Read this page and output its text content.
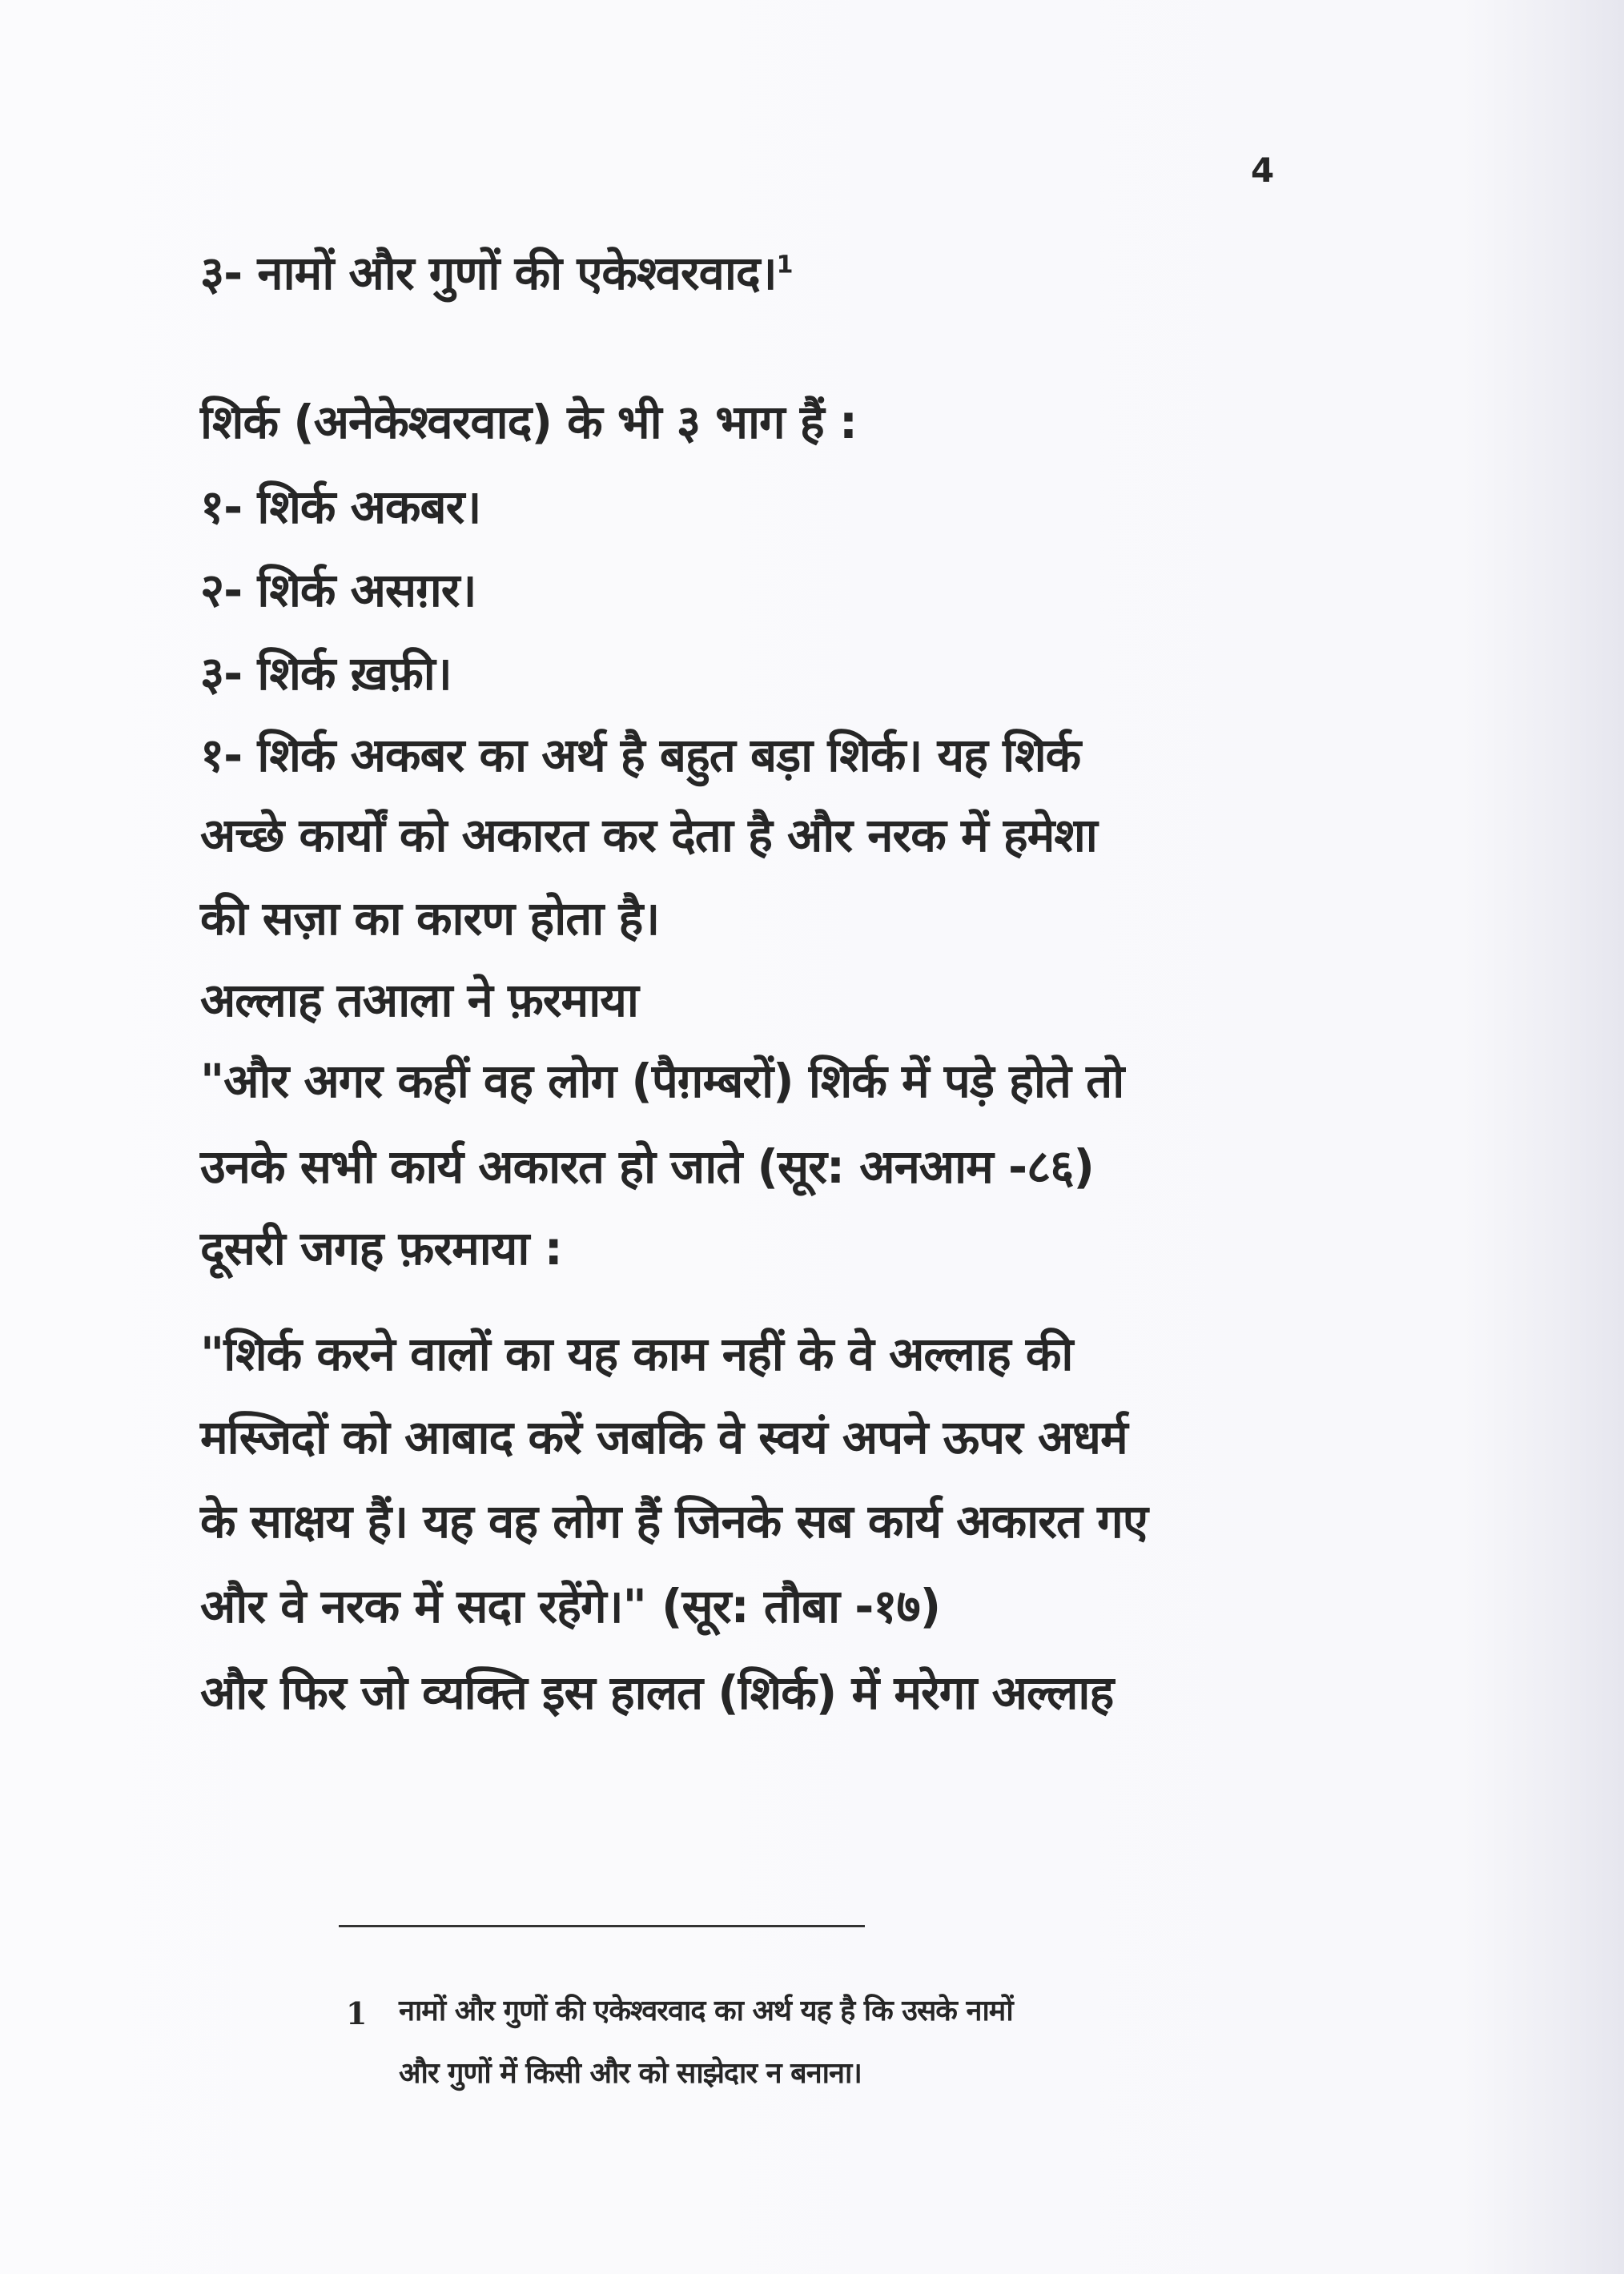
4
३- नामों और गुणों की एकेश्वरवाद।$^1$
शिर्क (अनेकेश्वरवाद) के भी ३ भाग हैं :
१- शिर्क अकबर।
२- शिर्क असग़र।
३- शिर्क ख़फ़ी।
१- शिर्क अकबर का अर्थ है बहुत बड़ा शिर्क। यह शिर्क
अच्छे कार्यों को अकारत कर देता है और नरक में हमेशा
की सज़ा का कारण होता है।
अल्लाह तआला ने फ़रमाया
"और अगर कहीं वह लोग (पैग़म्बरों) शिर्क में पड़े होते तो
उनके सभी कार्य अकारत हो जाते (सूर: अनआम -८६)
दूसरी जगह फ़रमाया :
"शिर्क करने वालों का यह काम नहीं के वे अल्लाह की
मस्जिदों को आबाद करें जबकि वे स्वयं अपने ऊपर अधर्म
के साक्षय हैं। यह वह लोग हैं जिनके सब कार्य अकारत गए
और वे नरक में सदा रहेंगे।" (सूर: तौबा -१७)
और फिर जो व्यक्ति इस हालत (शिर्क) में मरेगा अल्लाह
1 नामों और गुणों की एकेश्वरवाद का अर्थ यह है कि उसके नामों
और गुणों में किसी और को साझेदार न बनाना।
